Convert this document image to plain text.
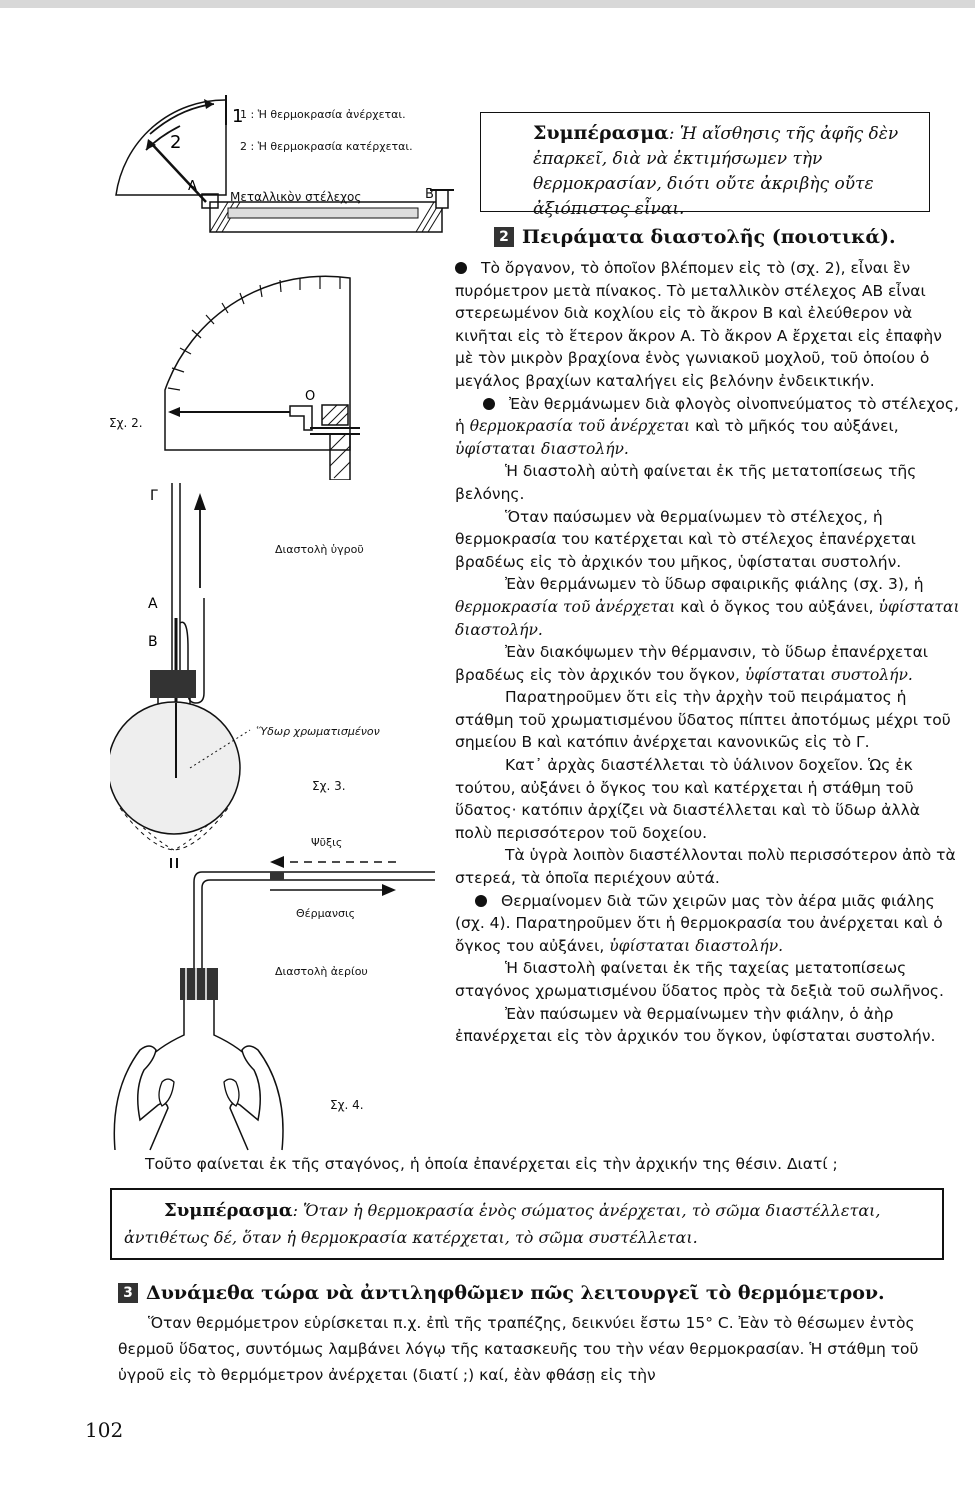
1
2
A
1 : Ἡ θερμοκρασία ἀνέρχεται.
2 : Ἡ θερμοκρασία κατέρχεται.
Μεταλλικὸν στέλεχος	B
Συμπέρασμα: Ἡ αἴσθησις τῆς ἀφῆς δὲν ἐπαρκεῖ, διὰ νὰ ἐκτιμήσωμεν τὴν θερμοκρασίαν, διότι οὔτε ἀκριβὴς οὔτε ἀξιόπιστος εἶναι.
2 Πειράματα διαστολῆς (ποιοτικά).
O
Σχ. 2.
Γ
A
B
Διαστολὴ ὑγροῦ
Ὕδωρ χρωματισμένον
Σχ. 3.
Ψῦξις
Θέρμανσις
Διαστολὴ ἀερίου
Σχ. 4.

Τὸ ὄργανον, τὸ ὁποῖον βλέπομεν εἰς τὸ (σχ. 2), εἶναι ἓν πυρόμετρον μετὰ πίνακος. Τὸ μεταλλικὸν στέλεχος ΑΒ εἶναι στερεωμένον διὰ κοχλίου εἰς τὸ ἄκρον Β καὶ ἐλεύθερον νὰ κινῆται εἰς τὸ ἕτερον ἄκρον Α. Τὸ ἄκρον Α ἔρχεται εἰς ἐπαφὴν μὲ τὸν μικρὸν βραχίονα ἑνὸς γωνιακοῦ μοχλοῦ, τοῦ ὁποίου ὁ μεγάλος βραχίων καταλήγει εἰς βελόνην ἐνδεικτικήν.

Ἐὰν θερμάνωμεν διὰ φλογὸς οἰνοπνεύματος τὸ στέλεχος, ἡ θερμοκρασία τοῦ ἀνέρχεται καὶ τὸ μῆκός του αὐξάνει, ὑφίσταται διαστολήν.

Ἡ διαστολὴ αὐτὴ φαίνεται ἐκ τῆς μετατοπίσεως τῆς βελόνης.

Ὅταν παύσωμεν νὰ θερμαίνωμεν τὸ στέλεχος, ἡ θερμοκρασία του κατέρχεται καὶ τὸ στέλεχος ἐπανέρχεται βραδέως εἰς τὸ ἀρχικόν του μῆκος, ὑφίσταται συστολήν.

Ἐὰν θερμάνωμεν τὸ ὕδωρ σφαιρικῆς φιάλης (σχ. 3), ἡ θερμοκρασία τοῦ ἀνέρχεται καὶ ὁ ὄγκος του αὐξάνει, ὑφίσταται διαστολήν.

Ἐὰν διακόψωμεν τὴν θέρμανσιν, τὸ ὕδωρ ἐπανέρχεται βραδέως εἰς τὸν ἀρχικόν του ὄγκον, ὑφίσταται συστολήν.

Παρατηροῦμεν ὅτι εἰς τὴν ἀρχὴν τοῦ πειράματος ἡ στάθμη τοῦ χρωματισμένου ὕδατος πίπτει ἀποτόμως μέχρι τοῦ σημείου Β καὶ κατόπιν ἀνέρχεται κανονικῶς εἰς τὸ Γ.

Κατ᾽ ἀρχὰς διαστέλλεται τὸ ὑάλινον δοχεῖον. Ὡς ἐκ τούτου, αὐξάνει ὁ ὄγκος του καὶ κατέρχεται ἡ στάθμη τοῦ ὕδατος· κατόπιν ἀρχίζει νὰ διαστέλλεται καὶ τὸ ὕδωρ ἀλλὰ πολὺ περισσότερον τοῦ δοχείου.

Τὰ ὑγρὰ λοιπὸν διαστέλλονται πολὺ περισσότερον ἀπὸ τὰ στερεά, τὰ ὁποῖα περιέχουν αὐτά.

Θερμαίνομεν διὰ τῶν χειρῶν μας τὸν ἀέρα μιᾶς φιάλης (σχ. 4). Παρατηροῦμεν ὅτι ἡ θερμοκρασία του ἀνέρχεται καὶ ὁ ὄγκος του αὐξάνει, ὑφίσταται διαστολήν.

Ἡ διαστολὴ φαίνεται ἐκ τῆς ταχείας μετατοπίσεως σταγόνος χρωματισμένου ὕδατος πρὸς τὰ δεξιὰ τοῦ σωλῆνος.

Ἐὰν παύσωμεν νὰ θερμαίνωμεν τὴν φιάλην, ὁ ἀὴρ ἐπανέρχεται εἰς τὸν ἀρχικόν του ὄγκον, ὑφίσταται συστολήν.

Τοῦτο φαίνεται ἐκ τῆς σταγόνος, ἡ ὁποία ἐπανέρχεται εἰς τὴν ἀρχικήν της θέσιν. Διατί ;
Συμπέρασμα: Ὅταν ἡ θερμοκρασία ἑνὸς σώματος ἀνέρχεται, τὸ σῶμα διαστέλλεται, ἀντιθέτως δέ, ὅταν ἡ θερμοκρασία κατέρχεται, τὸ σῶμα συστέλλεται.
3 Δυνάμεθα τώρα νὰ ἀντιληφθῶμεν πῶς λειτουργεῖ τὸ θερμόμετρον.
Ὅταν θερμόμετρον εὑρίσκεται π.χ. ἐπὶ τῆς τραπέζης, δεικνύει ἔστω 15° C. Ἐὰν τὸ θέσωμεν ἐντὸς θερμοῦ ὕδατος, συντόμως λαμβάνει λόγῳ τῆς κατασκευῆς του τὴν νέαν θερμοκρασίαν. Ἡ στάθμη τοῦ ὑγροῦ εἰς τὸ θερμόμετρον ἀνέρχεται (διατί ;) καί, ἐὰν φθάσῃ εἰς τὴν
102
